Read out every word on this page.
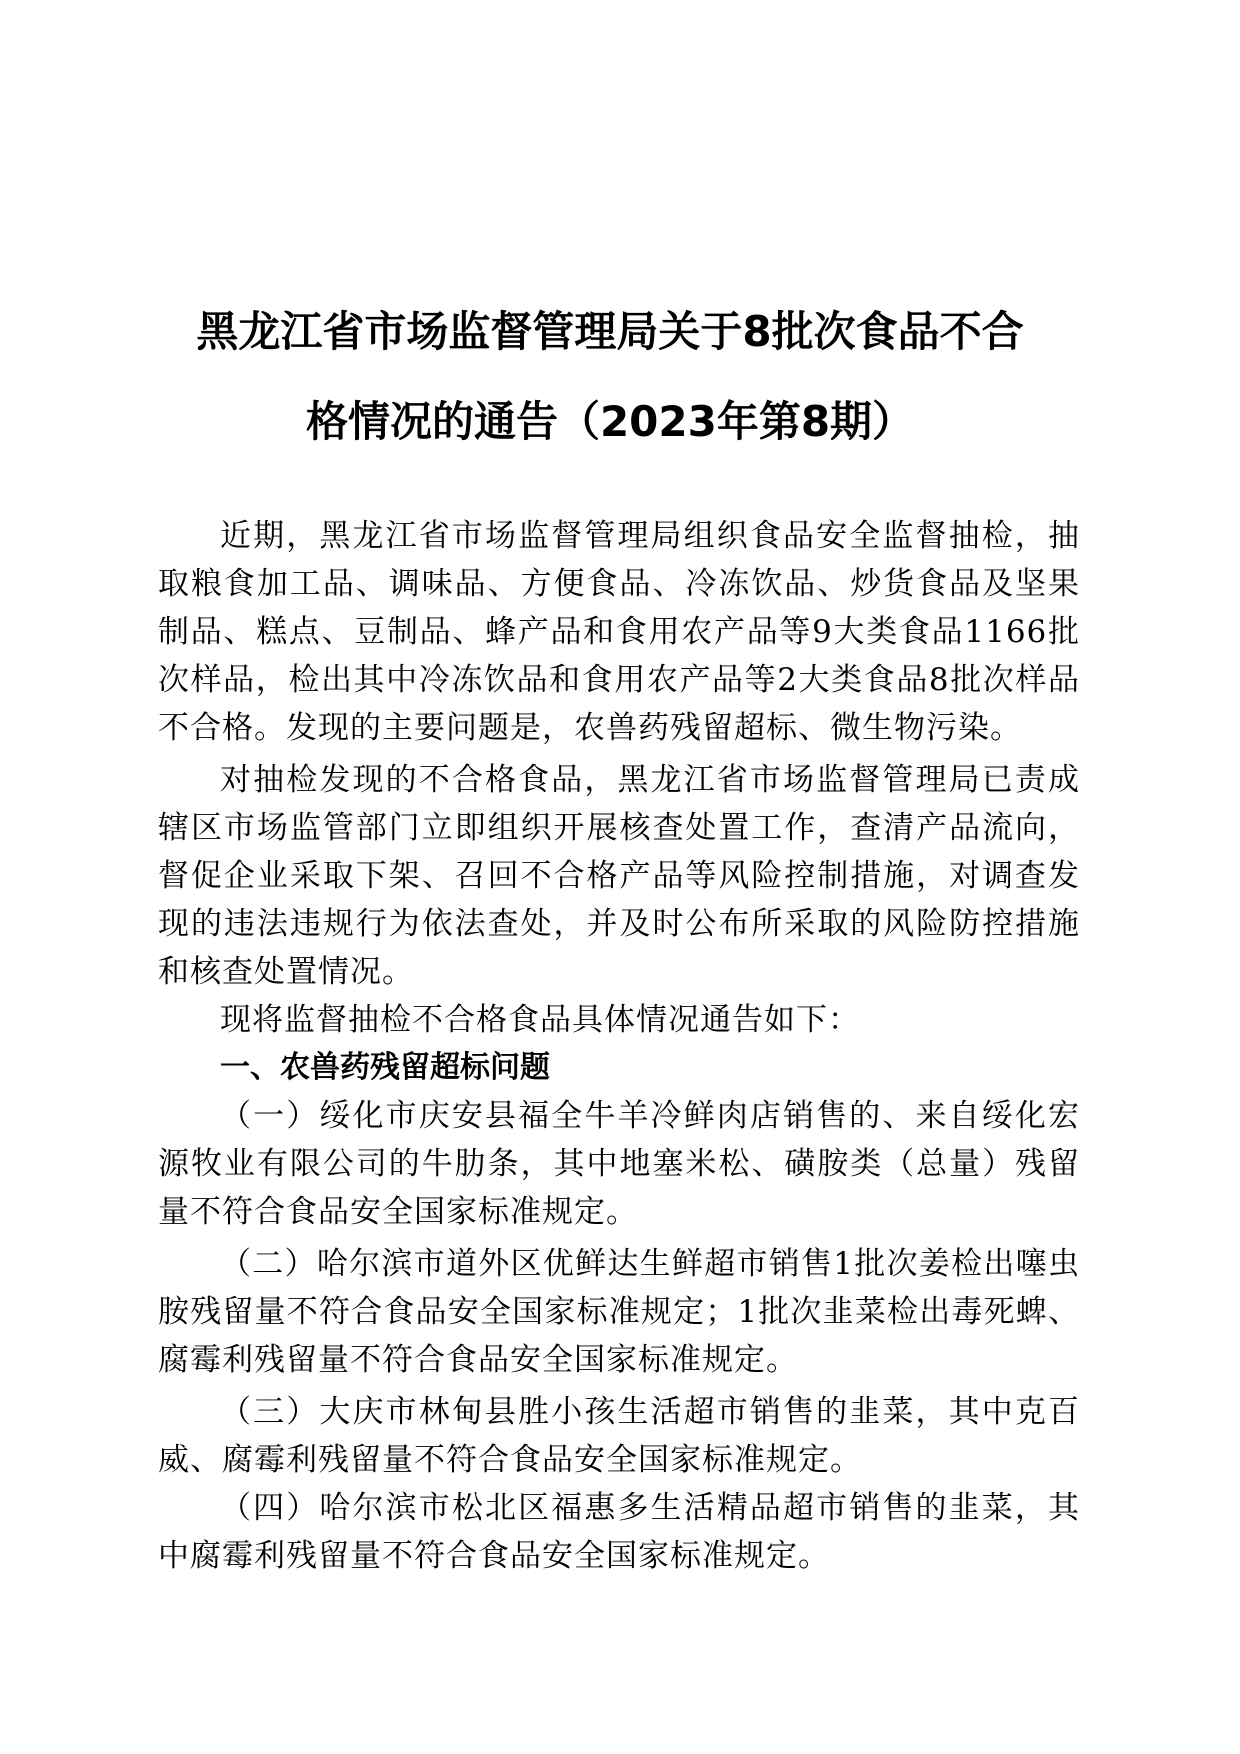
黑龙江省市场监督管理局关于8批次食品不合
格情况的通告（2023年第8期）

近期，黑龙江省市场监督管理局组织食品安全监督抽检，抽取粮食加工品、调味品、方便食品、冷冻饮品、炒货食品及坚果制品、糕点、豆制品、蜂产品和食用农产品等9大类食品1166批次样品，检出其中冷冻饮品和食用农产品等2大类食品8批次样品不合格。发现的主要问题是，农兽药残留超标、微生物污染。

对抽检发现的不合格食品，黑龙江省市场监督管理局已责成辖区市场监管部门立即组织开展核查处置工作，查清产品流向，督促企业采取下架、召回不合格产品等风险控制措施，对调查发现的违法违规行为依法查处，并及时公布所采取的风险防控措施和核查处置情况。

现将监督抽检不合格食品具体情况通告如下：

一、农兽药残留超标问题

（一）绥化市庆安县福全牛羊冷鲜肉店销售的、来自绥化宏源牧业有限公司的牛肋条，其中地塞米松、磺胺类（总量）残留量不符合食品安全国家标准规定。

（二）哈尔滨市道外区优鲜达生鲜超市销售1批次姜检出噻虫胺残留量不符合食品安全国家标准规定；1批次韭菜检出毒死蜱、腐霉利残留量不符合食品安全国家标准规定。

（三）大庆市林甸县胜小孩生活超市销售的韭菜，其中克百威、腐霉利残留量不符合食品安全国家标准规定。

（四）哈尔滨市松北区福惠多生活精品超市销售的韭菜，其中腐霉利残留量不符合食品安全国家标准规定。
